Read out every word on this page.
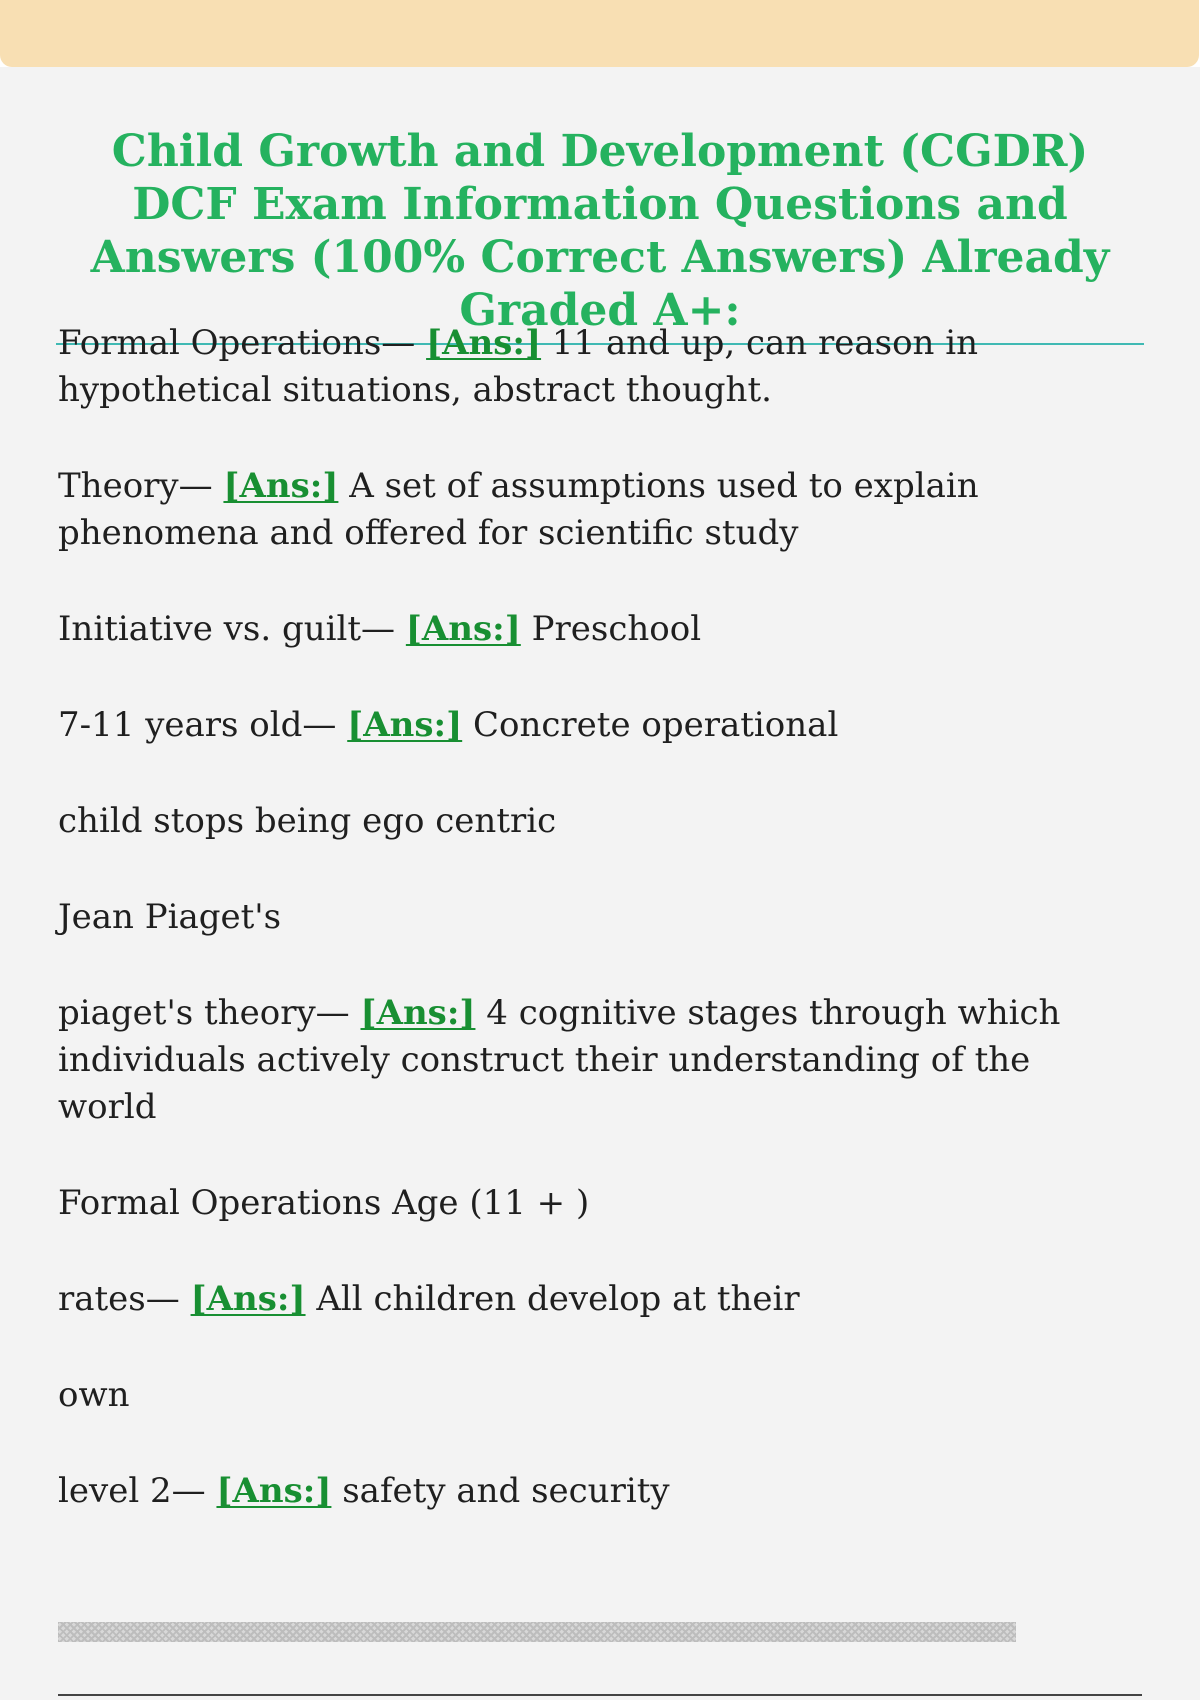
Child Growth and Development (CGDR) DCF Exam Information Questions and Answers (100% Correct Answers) Already Graded A+:

Formal Operations— [Ans:] 11 and up, can reason in hypothetical situations, abstract thought.

Theory— [Ans:] A set of assumptions used to explain phenomena and offered for scientific study

Initiative vs. guilt— [Ans:] Preschool

7-11 years old— [Ans:] Concrete operational

child stops being ego centric

Jean Piaget's

piaget's theory— [Ans:] 4 cognitive stages through which individuals actively construct their understanding of the world

Formal Operations Age (11 + )

rates— [Ans:] All children develop at their

own

level 2— [Ans:] safety and security
